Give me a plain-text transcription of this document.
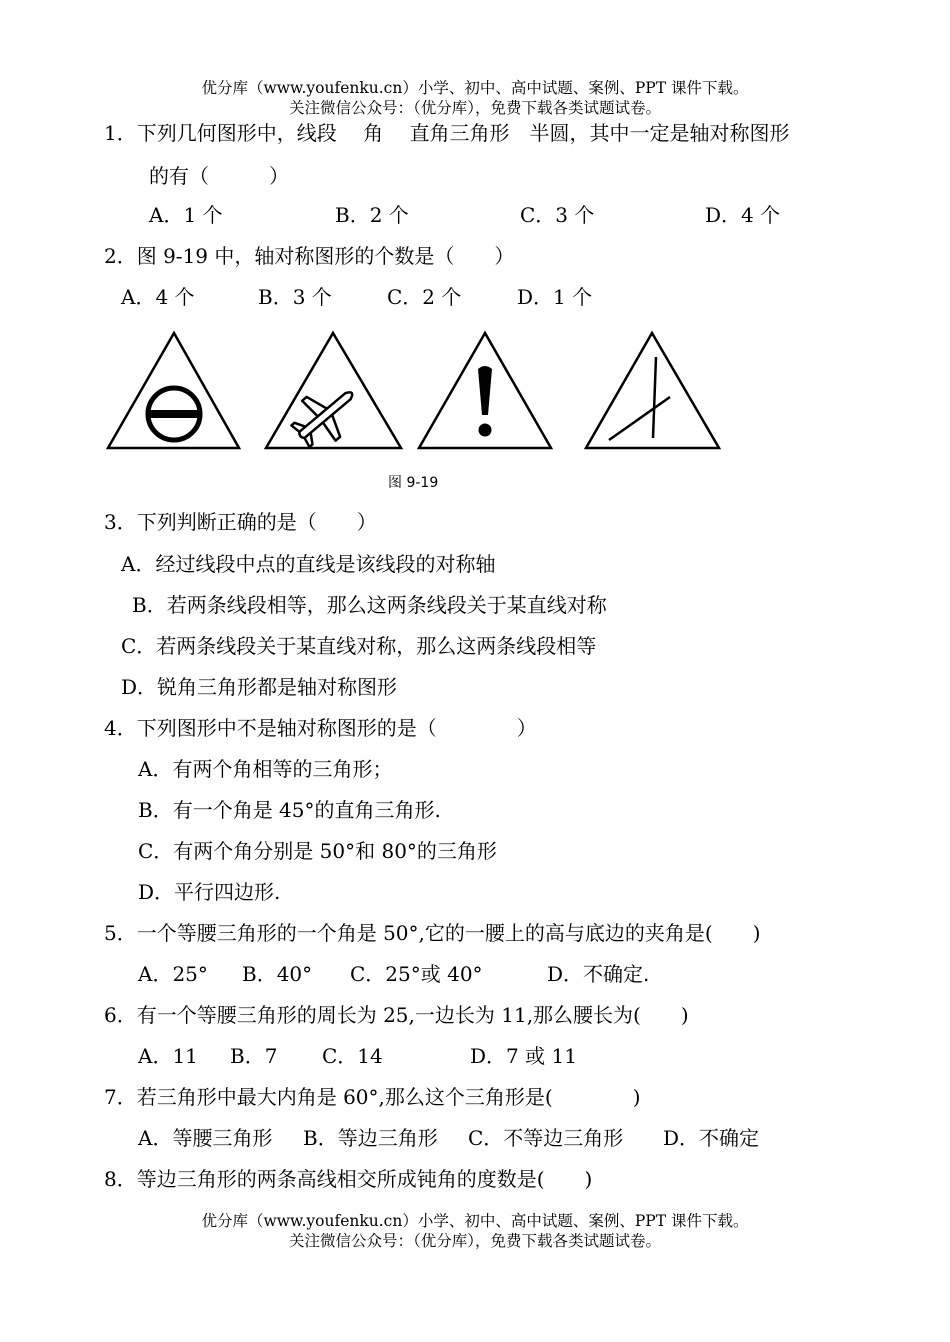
优分库（www.youfenku.cn）小学、初中、高中试题、案例、PPT 课件下载。
关注微信公众号：（优分库），免费下载各类试题试卷。
1．下列几何图形中，线段　 角　 直角三角形　半圆，其中一定是轴对称图形
的有（　　　）
A．1 个	B．2 个	C．3 个	D．4 个
2．图 9-19 中，轴对称图形的个数是（　　）
A．4 个	B．3 个	C．2 个	D．1 个
图 9-19
3．下列判断正确的是（　　）
A．经过线段中点的直线是该线段的对称轴
B．若两条线段相等，那么这两条线段关于某直线对称
C．若两条线段关于某直线对称，那么这两条线段相等
D．锐角三角形都是轴对称图形
4．下列图形中不是轴对称图形的是（　　　　）
A．有两个角相等的三角形；
B．有一个角是 45°的直角三角形.
C．有两个角分别是 50°和 80°的三角形
D．平行四边形.
5．一个等腰三角形的一个角是 50°,它的一腰上的高与底边的夹角是(　　)
A．25° B．40° C．25°或 40°	D．不确定.
6．有一个等腰三角形的周长为 25,一边长为 11,那么腰长为(　　)
A．11 B．7 C．14	D．7 或 11
7．若三角形中最大内角是 60°,那么这个三角形是(　　　　)
A．等腰三角形 B．等边三角形 C．不等边三角形 D．不确定
8．等边三角形的两条高线相交所成钝角的度数是(　　)
优分库（www.youfenku.cn）小学、初中、高中试题、案例、PPT 课件下载。
关注微信公众号：（优分库），免费下载各类试题试卷。
